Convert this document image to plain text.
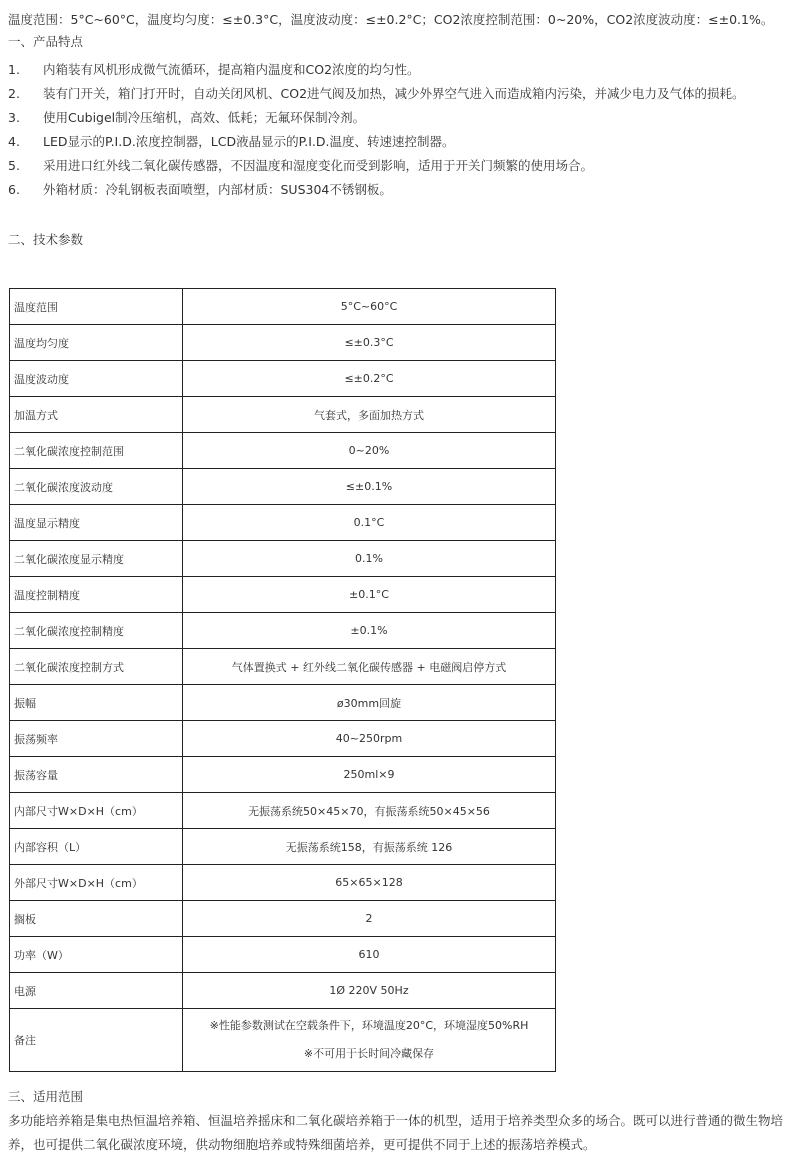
温度范围：5°C~60°C，温度均匀度：≤±0.3°C，温度波动度：≤±0.2°C；CO2浓度控制范围：0~20%，CO2浓度波动度：≤±0.1%。一、产品特点

1.	内箱装有风机形成微气流循环，提高箱内温度和CO2浓度的均匀性。
2.	装有门开关，箱门打开时，自动关闭风机、CO2进气阀及加热，减少外界空气进入而造成箱内污染，并减少电力及气体的损耗。
3.	使用Cubigel制冷压缩机，高效、低耗；无氟环保制冷剂。
4.	LED显示的P.I.D.浓度控制器，LCD液晶显示的P.I.D.温度、转速速控制器。
5.	采用进口红外线二氧化碳传感器，不因温度和湿度变化而受到影响，适用于开关门频繁的使用场合。
6.	外箱材质：冷轧钢板表面喷塑，内部材质：SUS304不锈钢板。
二、技术参数
温度范围	5°C~60°C
温度均匀度	≤±0.3°C
温度波动度	≤±0.2°C
加温方式	气套式，多面加热方式
二氧化碳浓度控制范围	0~20%
二氧化碳浓度波动度	≤±0.1%
温度显示精度	0.1°C
二氧化碳浓度显示精度	0.1%
温度控制精度	±0.1°C
二氧化碳浓度控制精度	±0.1%
二氧化碳浓度控制方式	气体置换式 + 红外线二氧化碳传感器 + 电磁阀启停方式
振幅	ø30mm回旋
振荡频率	40~250rpm
振荡容量	250ml×9
内部尺寸W×D×H（cm）	无振荡系统50×45×70，有振荡系统50×45×56
内部容积（L）	无振荡系统158，有振荡系统 126
外部尺寸W×D×H（cm）	65×65×128
搁板	2
功率（W）	610
电源	1Ø 220V 50Hz
备注	※性能参数测试在空载条件下，环境温度20°C，环境湿度50%RH
※不可用于长时间冷藏保存
三、适用范围

多功能培养箱是集电热恒温培养箱、恒温培养摇床和二氧化碳培养箱于一体的机型，适用于培养类型众多的场合。既可以进行普通的微生物培养，也可提供二氧化碳浓度环境，供动物细胞培养或特殊细菌培养，更可提供不同于上述的振荡培养模式。
